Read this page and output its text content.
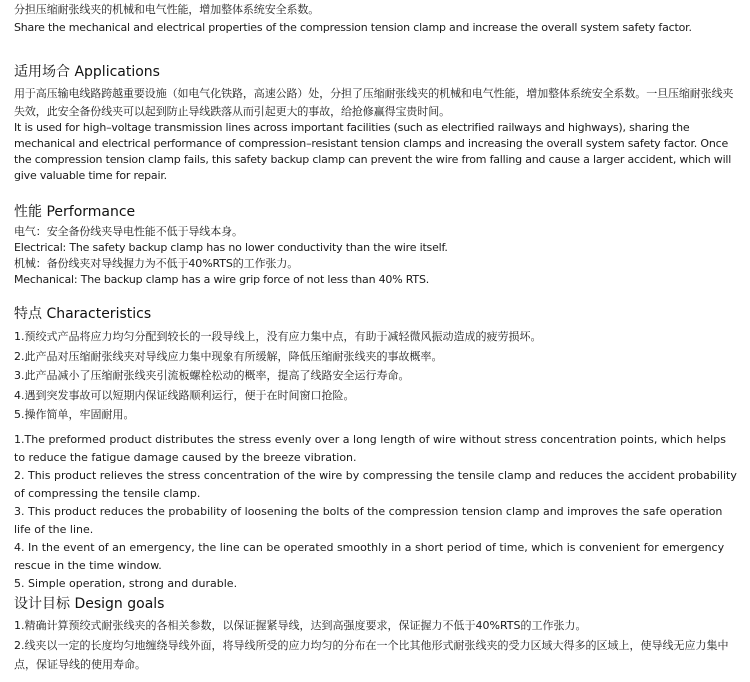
分担压缩耐张线夹的机械和电气性能，增加整体系统安全系数。

Share the mechanical and electrical properties of the compression tension clamp and increase the overall system safety factor.

适用场合 Applications

用于高压输电线路跨越重要设施（如电气化铁路，高速公路）处，分担了压缩耐张线夹的机械和电气性能，增加整体系统安全系数。一旦压缩耐张线夹失效，此安全备份线夹可以起到防止导线跌落从而引起更大的事故，给抢修赢得宝贵时间。

It is used for high–voltage transmission lines across important facilities (such as electrified railways and highways), sharing the mechanical and electrical performance of compression–resistant tension clamps and increasing the overall system safety factor. Once the compression tension clamp fails, this safety backup clamp can prevent the wire from falling and cause a larger accident, which will give valuable time for repair.

性能 Performance

电气：安全备份线夹导电性能不低于导线本身。

Electrical: The safety backup clamp has no lower conductivity than the wire itself.

机械：备份线夹对导线握力为不低于40%RTS的工作张力。

Mechanical: The backup clamp has a wire grip force of not less than 40% RTS.

特点 Characteristics
1.预绞式产品将应力均匀分配到较长的一段导线上，没有应力集中点，有助于减轻微风振动造成的疲劳损坏。
2.此产品对压缩耐张线夹对导线应力集中现象有所缓解，降低压缩耐张线夹的事故概率。
3.此产品减小了压缩耐张线夹引流板螺栓松动的概率，提高了线路安全运行寿命。
4.遇到突发事故可以短期内保证线路顺利运行，便于在时间窗口抢险。
5.操作简单，牢固耐用。
1.The preformed product distributes the stress evenly over a long length of wire without stress concentration points, which helps to reduce the fatigue damage caused by the breeze vibration.
2. This product relieves the stress concentration of the wire by compressing the tensile clamp and reduces the accident probability of compressing the tensile clamp.
3. This product reduces the probability of loosening the bolts of the compression tension clamp and improves the safe operation life of the line.
4. In the event of an emergency, the line can be operated smoothly in a short period of time, which is convenient for emergency rescue in the time window.
5. Simple operation, strong and durable.
设计目标 Design goals
1.精确计算预绞式耐张线夹的各相关参数，以保证握紧导线，达到高强度要求，保证握力不低于40%RTS的工作张力。
2.线夹以一定的长度均匀地缠绕导线外面，将导线所受的应力均匀的分布在一个比其他形式耐张线夹的受力区域大得多的区域上，使导线无应力集中点，保证导线的使用寿命。
